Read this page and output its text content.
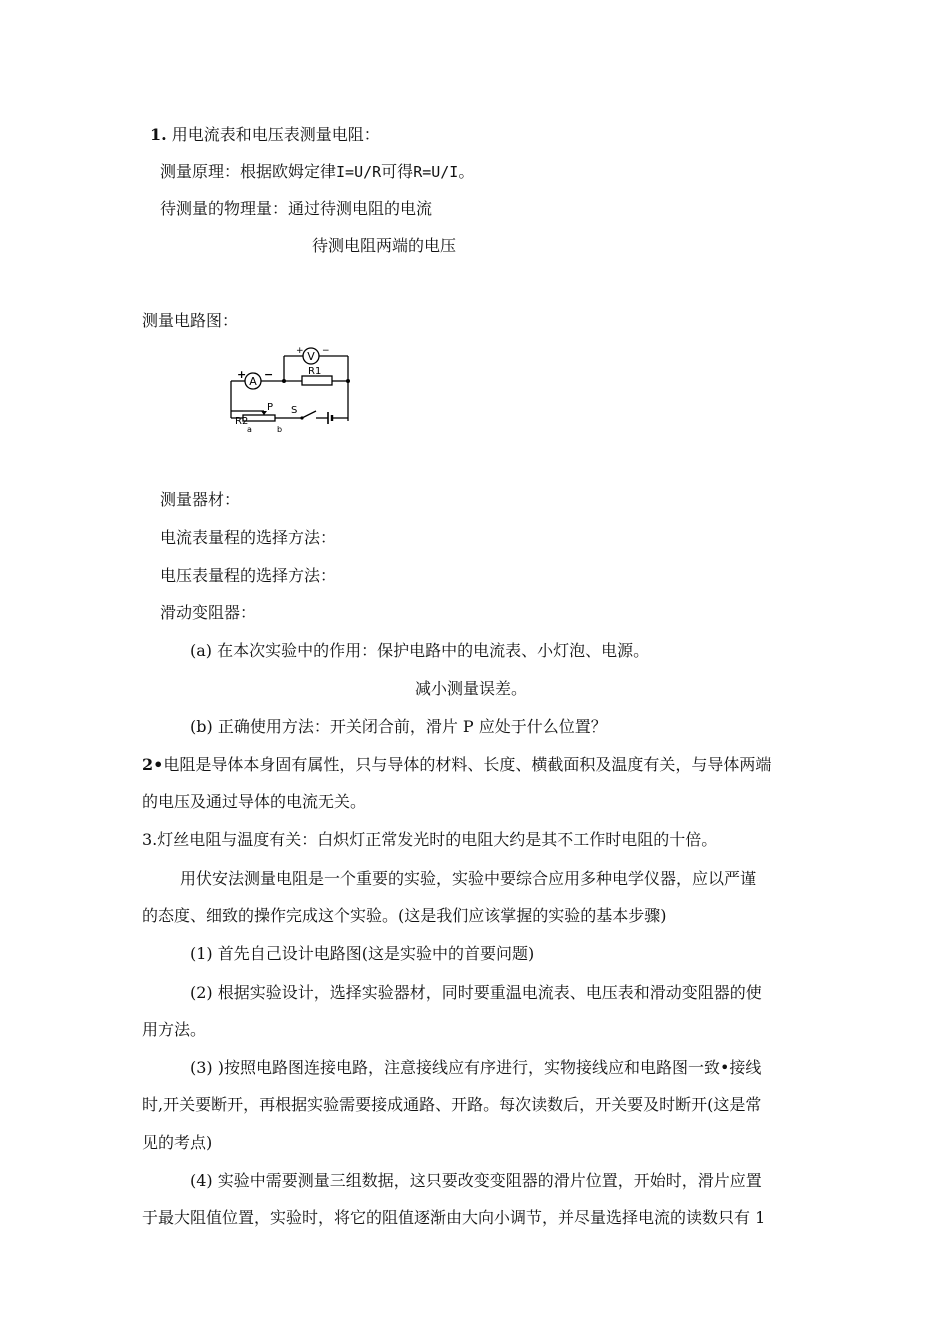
1. 用电流表和电压表测量电阻：
测量原理：根据欧姆定律I=U/R可得R=U/I。
待测量的物理量：通过待测电阻的电流
待测电阻两端的电压
测量电路图：
A
V
+ −
+ −
R1
R2
P S
a	b
测量器材：
电流表量程的选择方法：
电压表量程的选择方法：
滑动变阻器：
(a) 在本次实验中的作用：保护电路中的电流表、小灯泡、电源。
减小测量误差。
(b) 正确使用方法：开关闭合前，滑片 P 应处于什么位置？
2•电阻是导体本身固有属性，只与导体的材料、长度、横截面积及温度有关，与导体两端
的电压及通过导体的电流无关。
3.灯丝电阻与温度有关：白炽灯正常发光时的电阻大约是其不工作时电阻的十倍。
用伏安法测量电阻是一个重要的实验，实验中要综合应用多种电学仪器，应以严谨
的态度、细致的操作完成这个实验。(这是我们应该掌握的实验的基本步骤)
(1) 首先自己设计电路图(这是实验中的首要问题)
(2) 根据实验设计，选择实验器材，同时要重温电流表、电压表和滑动变阻器的使
用方法。
(3) )按照电路图连接电路，注意接线应有序进行，实物接线应和电路图一致•接线
时,开关要断开，再根据实验需要接成通路、开路。每次读数后，开关要及时断开(这是常
见的考点)
(4) 实验中需要测量三组数据，这只要改变变阻器的滑片位置，开始时，滑片应置
于最大阻值位置，实验时，将它的阻值逐渐由大向小调节，并尽量选择电流的读数只有 1
